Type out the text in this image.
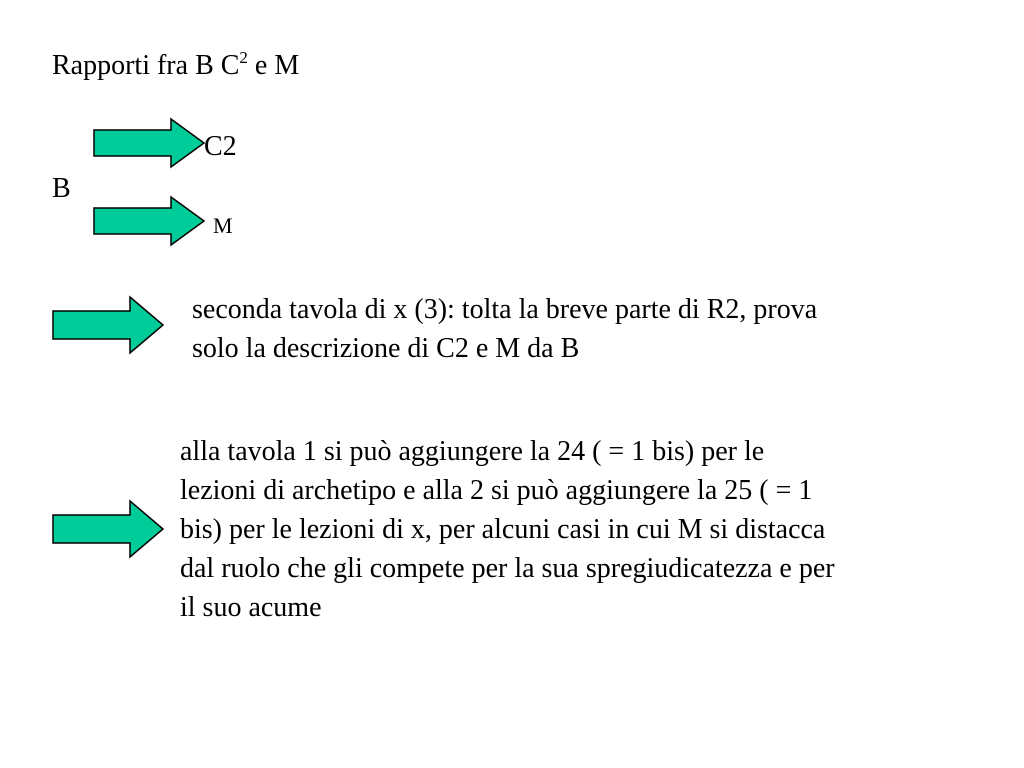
Rapporti fra B $C^2$ e M
C2
B
M
seconda tavola di x (3): tolta la breve parte di R2, prova
solo la descrizione di C2 e M da B
alla tavola 1 si può aggiungere la 24 ( = 1 bis) per le
lezioni di archetipo e alla 2 si può aggiungere la 25 ( = 1
bis) per le lezioni di x, per alcuni casi in cui M si distacca
dal ruolo che gli compete per la sua spregiudicatezza e per
il suo acume
